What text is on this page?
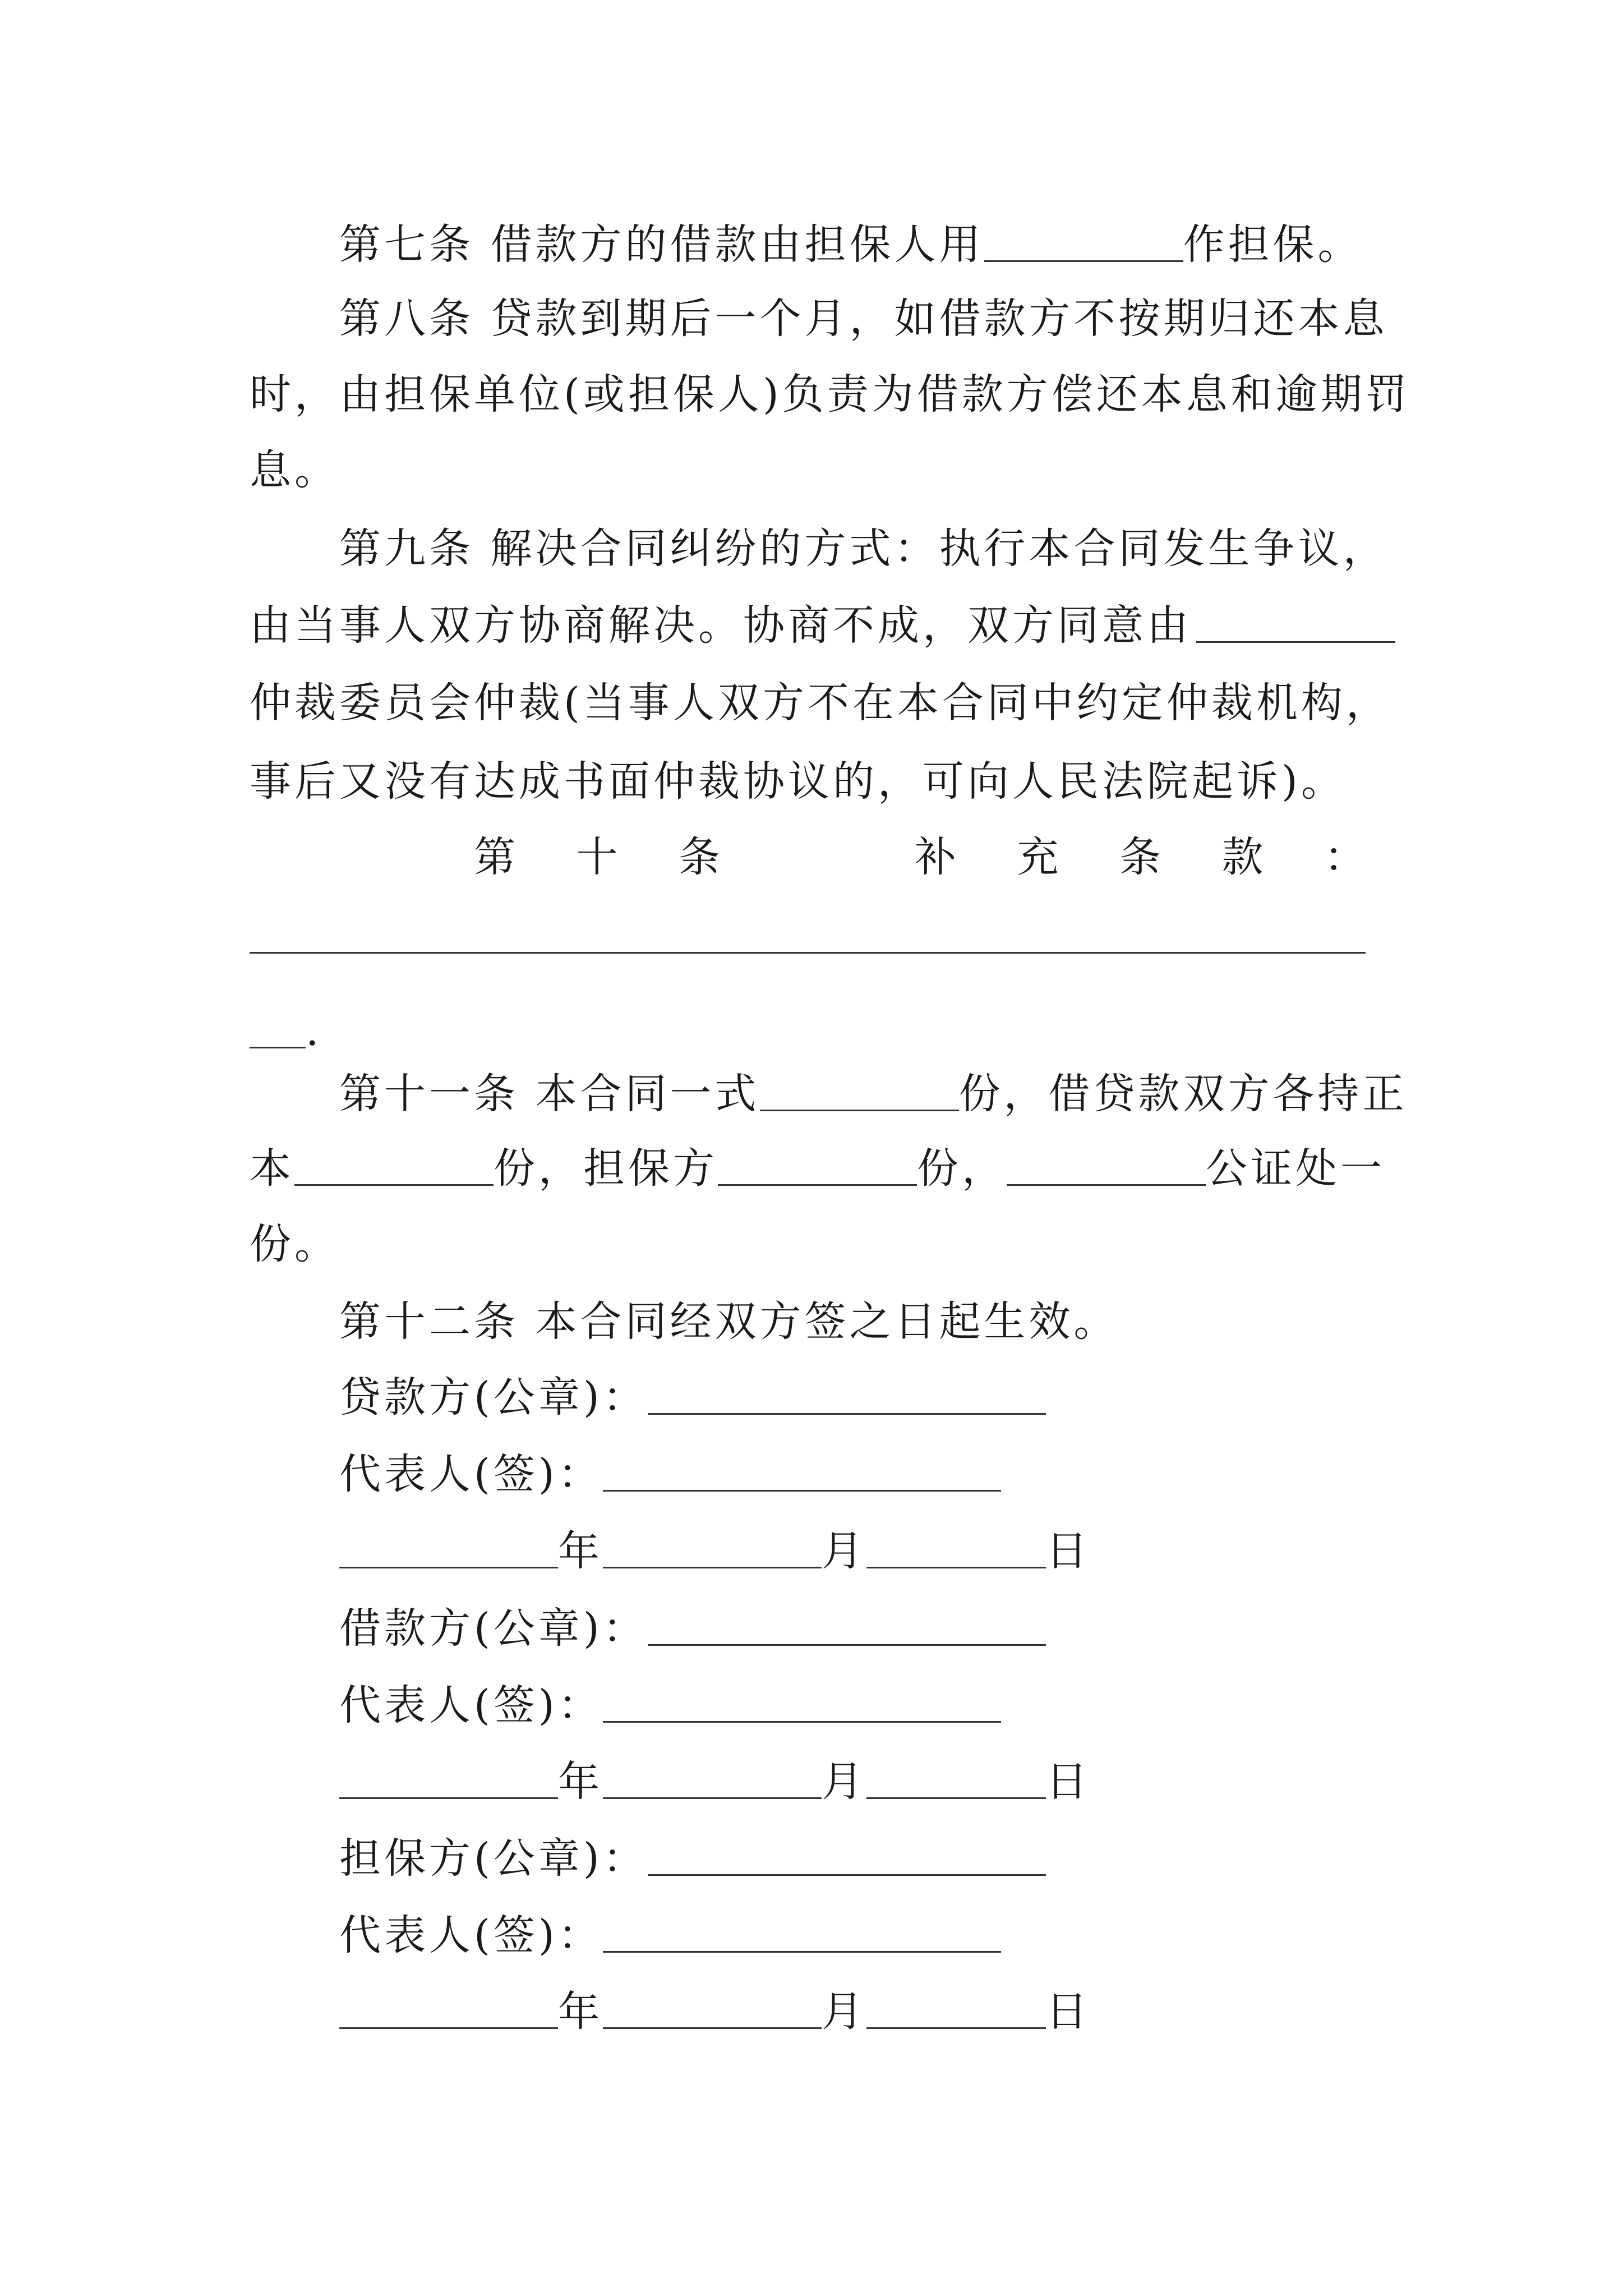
第七条 借款方的借款由担保人用	作担保。
第八条 贷款到期后一个月，如借款方不按期归还本息
时，由担保单位(或担保人)负责为借款方偿还本息和逾期罚
息。
第九条 解决合同纠纷的方式：执行本合同发生争议，
由当事人双方协商解决。协商不成，双方同意由
仲裁委员会仲裁(当事人双方不在本合同中约定仲裁机构，
事后又没有达成书面仲裁协议的，可向人民法院起诉)。
第 十 条	补 充 条 款 ：
.
第十一条 本合同一式	份，借贷款双方各持正
本	份，担保方	份，	公证处一
份。
第十二条 本合同经双方签之日起生效。
贷款方(公章)：
代表人(签)：
年	月	日
借款方(公章)：
代表人(签)：
年	月	日
担保方(公章)：
代表人(签)：
年	月	日
